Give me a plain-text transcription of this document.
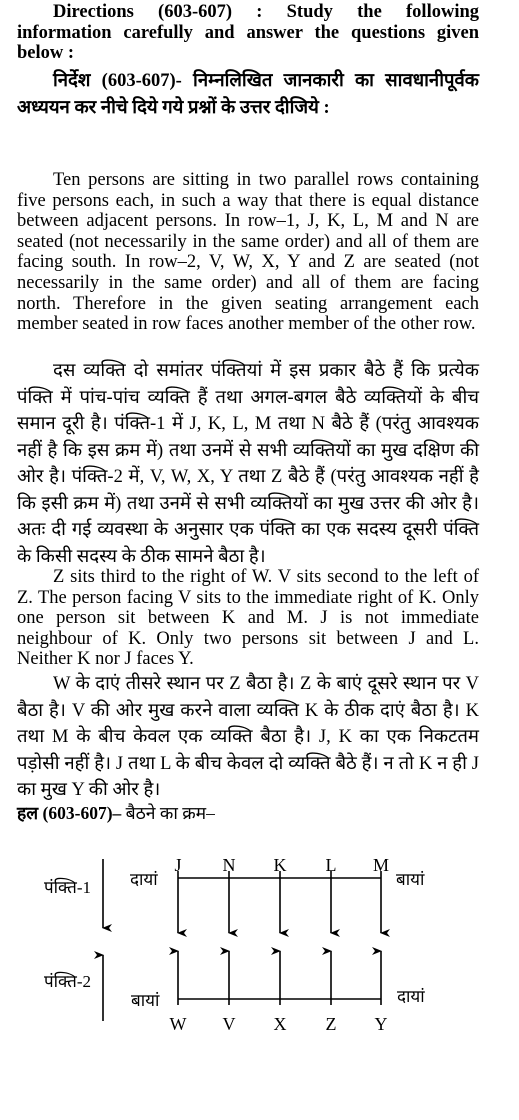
Directions (603-607) : Study the following information carefully and answer the questions given below :

निर्देश (603-607)- निम्नलिखित जानकारी का सावधानीपूर्वक अध्ययन कर नीचे दिये गये प्रश्नों के उत्तर दीजिये :

Ten persons are sitting in two parallel rows containing five persons each, in such a way that there is equal distance between adjacent persons. In row–1, J, K, L, M and N are seated (not necessarily in the same order) and all of them are facing south. In row–2, V, W, X, Y and Z are seated (not necessarily in the same order) and all of them are facing north. Therefore in the given seating arrangement each member seated in row faces another member of the other row.

दस व्यक्ति दो समांतर पंक्तियां में इस प्रकार बैठे हैं कि प्रत्येक पंक्ति में पांच-पांच व्यक्ति हैं तथा अगल-बगल बैठे व्यक्तियों के बीच समान दूरी है। पंक्ति-1 में J, K, L, M तथा N बैठे हैं (परंतु आवश्यक नहीं है कि इस क्रम में) तथा उनमें से सभी व्यक्तियों का मुख दक्षिण की ओर है। पंक्ति-2 में, V, W, X, Y तथा Z बैठे हैं (परंतु आवश्यक नहीं है कि इसी क्रम में) तथा उनमें से सभी व्यक्तियों का मुख उत्तर की ओर है। अतः दी गई व्यवस्था के अनुसार एक पंक्ति का एक सदस्य दूसरी पंक्ति के किसी सदस्य के ठीक सामने बैठा है।

Z sits third to the right of W. V sits second to the left of Z. The person facing V sits to the immediate right of K. Only one person sit between K and M. J is not immediate neighbour of K. Only two persons sit between J and L. Neither K nor J faces Y.

W के दाएं तीसरे स्थान पर Z बैठा है। Z के बाएं दूसरे स्थान पर V बैठा है। V की ओर मुख करने वाला व्यक्ति K के ठीक दाएं बैठा है। K तथा M के बीच केवल एक व्यक्ति बैठा है। J, K का एक निकटतम पड़ोसी नहीं है। J तथा L के बीच केवल दो व्यक्ति बैठे हैं। न तो K न ही J का मुख Y की ओर है।

हल (603-607)– बैठने का क्रम–

पंक्ति-1 दायां	बायां
J N K L M
पंक्ति-2
बायां	दायां
W V X Z Y
